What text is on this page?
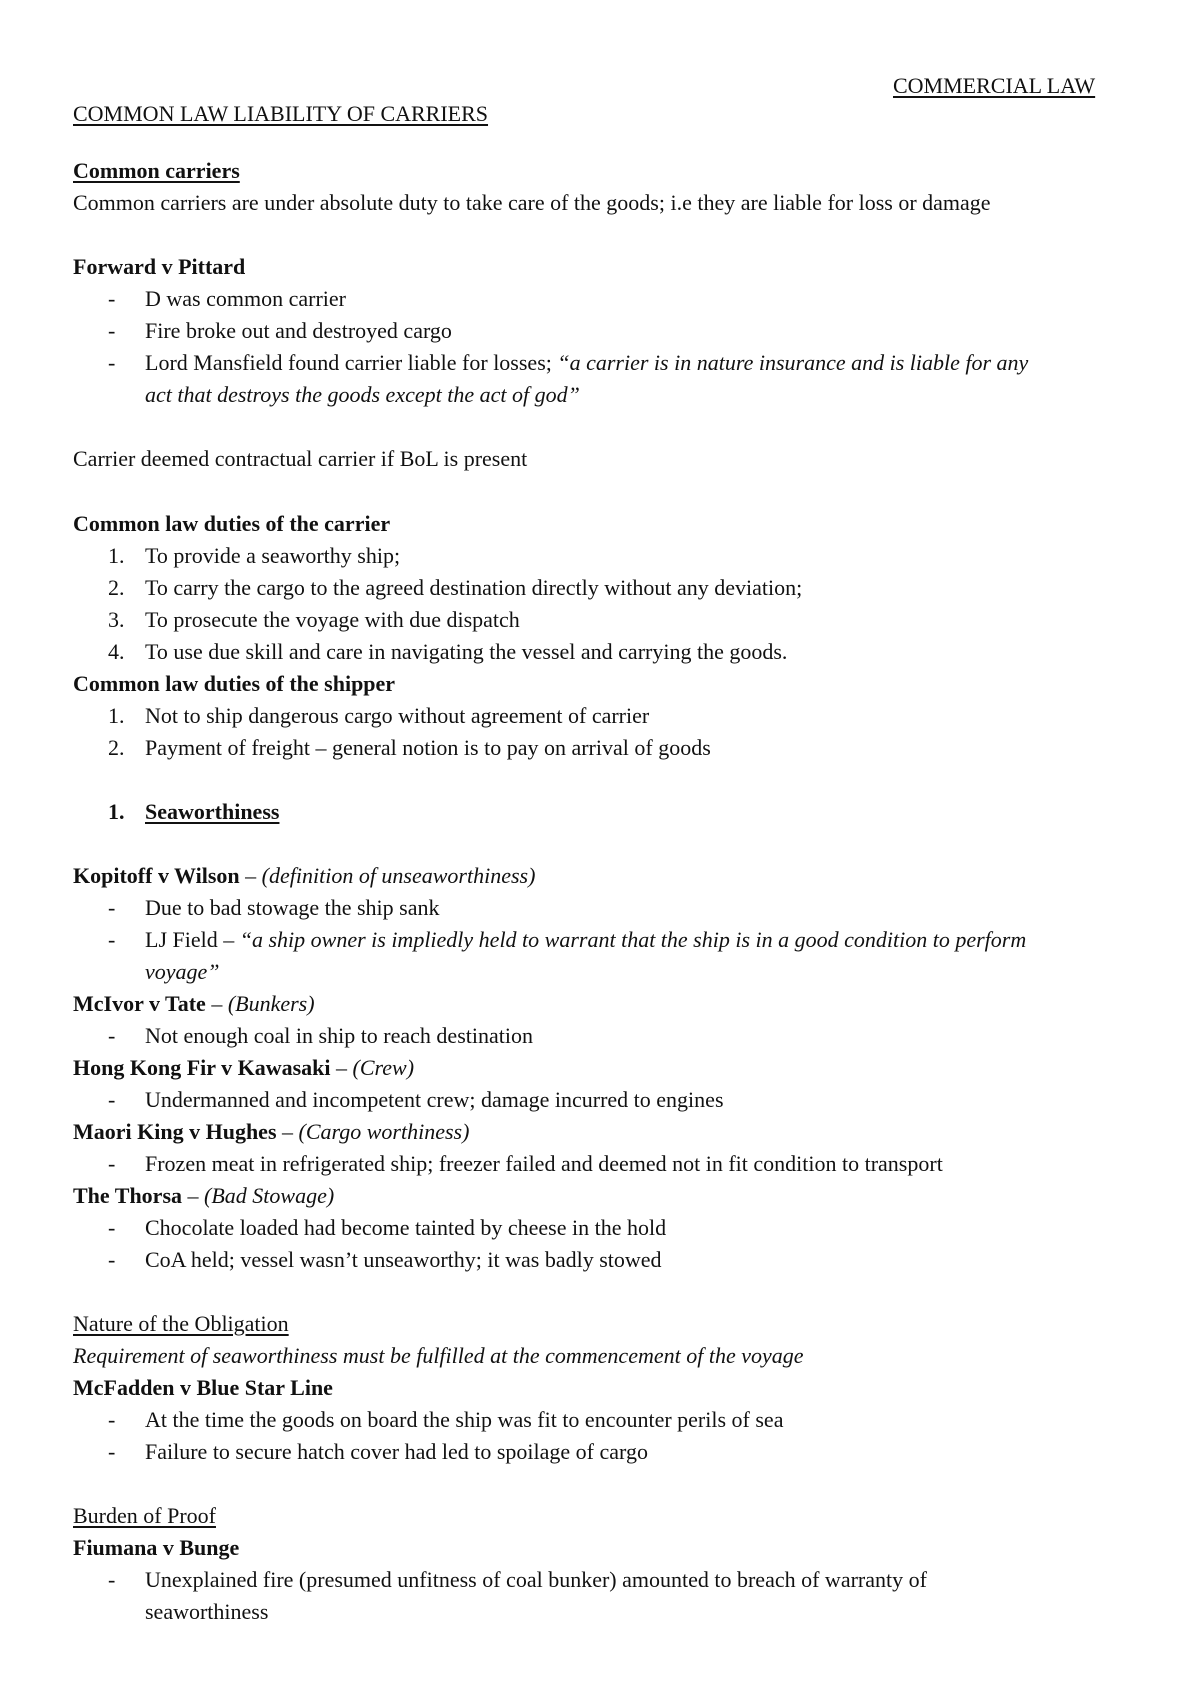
COMMERCIAL LAW
COMMON LAW LIABILITY OF CARRIERS
Common carriers
Common carriers are under absolute duty to take care of the goods; i.e they are liable for loss or damage
Forward v Pittard
-	D was common carrier
-	Fire broke out and destroyed cargo
-	Lord Mansfield found carrier liable for losses; “a carrier is in nature insurance and is liable for any
act that destroys the goods except the act of god”
Carrier deemed contractual carrier if BoL is present
Common law duties of the carrier
1. To provide a seaworthy ship;
2. To carry the cargo to the agreed destination directly without any deviation;
3. To prosecute the voyage with due dispatch
4. To use due skill and care in navigating the vessel and carrying the goods.
Common law duties of the shipper
1. Not to ship dangerous cargo without agreement of carrier
2. Payment of freight – general notion is to pay on arrival of goods
1. Seaworthiness
Kopitoff v Wilson – (definition of unseaworthiness)
-	Due to bad stowage the ship sank
-	LJ Field – “a ship owner is impliedly held to warrant that the ship is in a good condition to perform
voyage”
McIvor v Tate – (Bunkers)
-	Not enough coal in ship to reach destination
Hong Kong Fir v Kawasaki – (Crew)
-	Undermanned and incompetent crew; damage incurred to engines
Maori King v Hughes – (Cargo worthiness)
-	Frozen meat in refrigerated ship; freezer failed and deemed not in fit condition to transport
The Thorsa – (Bad Stowage)
-	Chocolate loaded had become tainted by cheese in the hold
-	CoA held; vessel wasn’t unseaworthy; it was badly stowed
Nature of the Obligation
Requirement of seaworthiness must be fulfilled at the commencement of the voyage
McFadden v Blue Star Line
-	At the time the goods on board the ship was fit to encounter perils of sea
-	Failure to secure hatch cover had led to spoilage of cargo
Burden of Proof
Fiumana v Bunge
-	Unexplained fire (presumed unfitness of coal bunker) amounted to breach of warranty of
seaworthiness
